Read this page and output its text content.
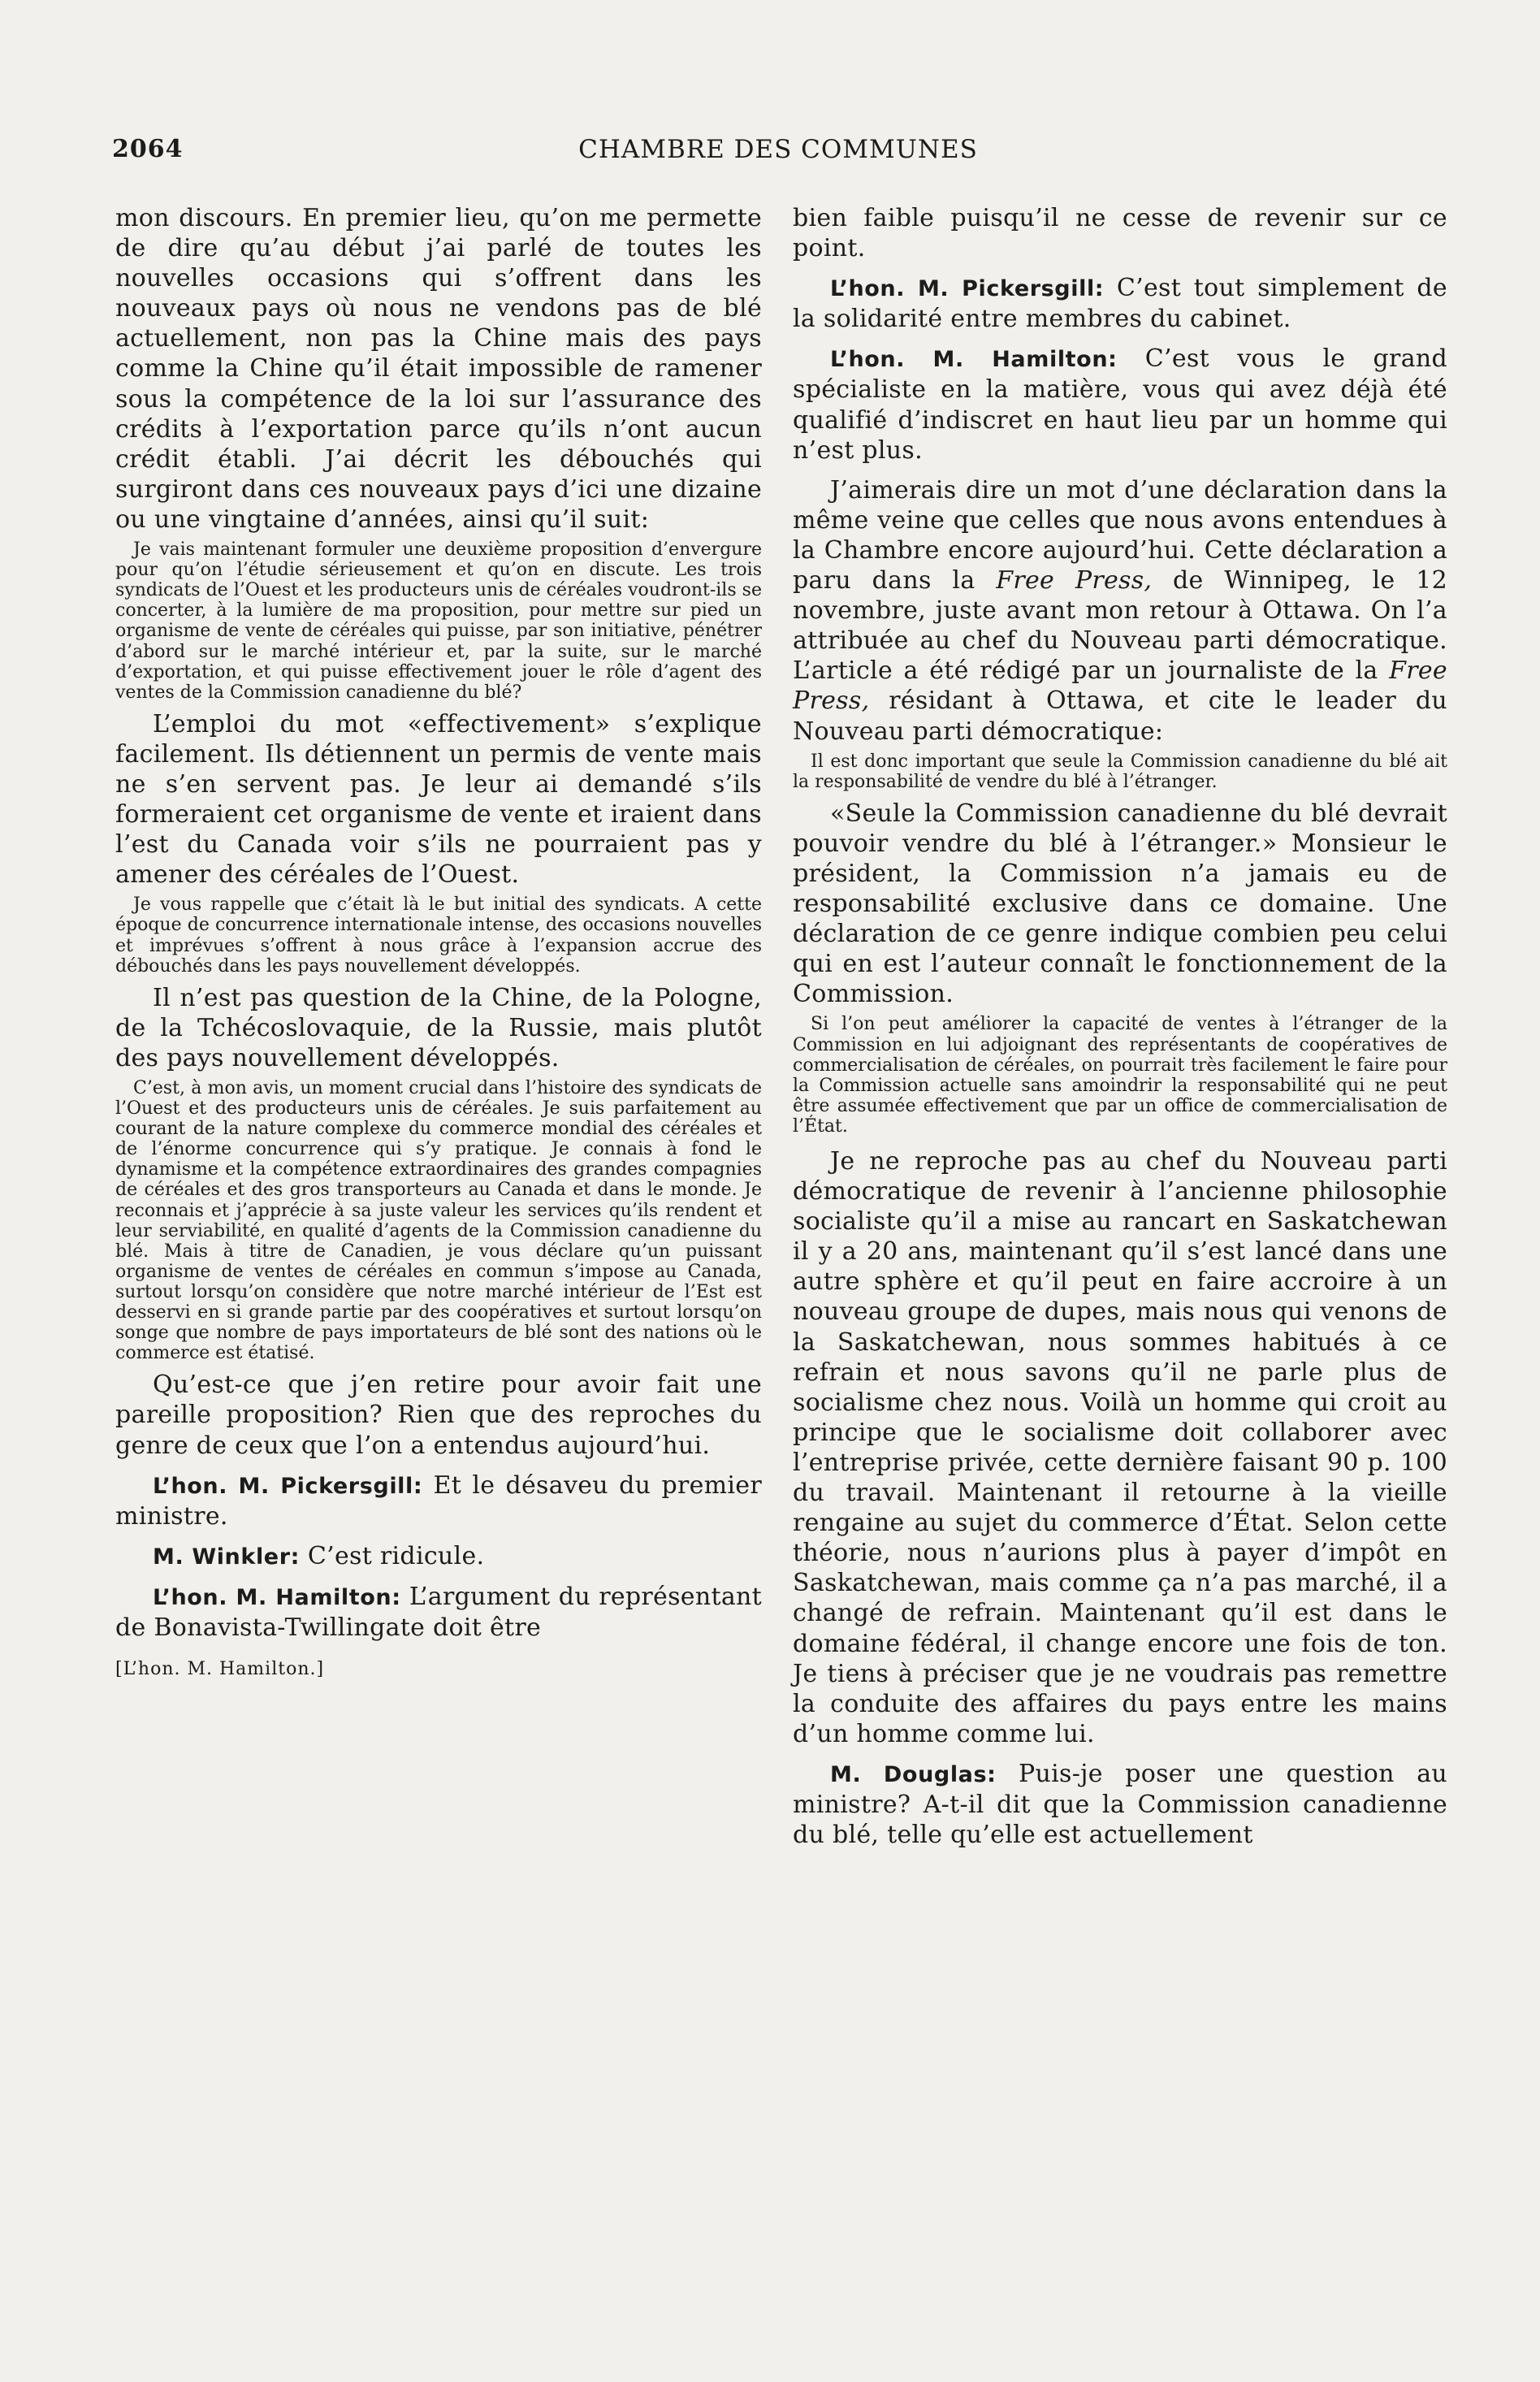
2064	CHAMBRE DES COMMUNES

mon discours. En premier lieu, qu’on me permette de dire qu’au début j’ai parlé de toutes les nouvelles occasions qui s’offrent dans les nouveaux pays où nous ne vendons pas de blé actuellement, non pas la Chine mais des pays comme la Chine qu’il était impossible de ramener sous la compétence de la loi sur l’assurance des crédits à l’exportation parce qu’ils n’ont aucun crédit établi. J’ai décrit les débouchés qui surgiront dans ces nouveaux pays d’ici une dizaine ou une vingtaine d’années, ainsi qu’il suit:

Je vais maintenant formuler une deuxième proposition d’envergure pour qu’on l’étudie sérieusement et qu’on en discute. Les trois syndicats de l’Ouest et les producteurs unis de céréales voudront-ils se concerter, à la lumière de ma proposition, pour mettre sur pied un organisme de vente de céréales qui puisse, par son initiative, pénétrer d’abord sur le marché intérieur et, par la suite, sur le marché d’exportation, et qui puisse effectivement jouer le rôle d’agent des ventes de la Commission canadienne du blé?

L’emploi du mot «effectivement» s’explique facilement. Ils détiennent un permis de vente mais ne s’en servent pas. Je leur ai demandé s’ils formeraient cet organisme de vente et iraient dans l’est du Canada voir s’ils ne pourraient pas y amener des céréales de l’Ouest.

Je vous rappelle que c’était là le but initial des syndicats. A cette époque de concurrence internationale intense, des occasions nouvelles et imprévues s’offrent à nous grâce à l’expansion accrue des débouchés dans les pays nouvellement développés.

Il n’est pas question de la Chine, de la Pologne, de la Tchécoslovaquie, de la Russie, mais plutôt des pays nouvellement développés.

C’est, à mon avis, un moment crucial dans l’histoire des syndicats de l’Ouest et des producteurs unis de céréales. Je suis parfaitement au courant de la nature complexe du commerce mondial des céréales et de l’énorme concurrence qui s’y pratique. Je connais à fond le dynamisme et la compétence extraordinaires des grandes compagnies de céréales et des gros transporteurs au Canada et dans le monde. Je reconnais et j’apprécie à sa juste valeur les services qu’ils rendent et leur serviabilité, en qualité d’agents de la Commission canadienne du blé. Mais à titre de Canadien, je vous déclare qu’un puissant organisme de ventes de céréales en commun s’impose au Canada, surtout lorsqu’on considère que notre marché intérieur de l’Est est desservi en si grande partie par des coopératives et surtout lorsqu’on songe que nombre de pays importateurs de blé sont des nations où le commerce est étatisé.

Qu’est-ce que j’en retire pour avoir fait une pareille proposition? Rien que des reproches du genre de ceux que l’on a entendus aujourd’hui.

L’hon. M. Pickersgill: Et le désaveu du premier ministre.

M. Winkler: C’est ridicule.

L’hon. M. Hamilton: L’argument du représentant de Bonavista-Twillingate doit être

[L’hon. M. Hamilton.]

bien faible puisqu’il ne cesse de revenir sur ce point.

L’hon. M. Pickersgill: C’est tout simplement de la solidarité entre membres du cabinet.

L’hon. M. Hamilton: C’est vous le grand spécialiste en la matière, vous qui avez déjà été qualifié d’indiscret en haut lieu par un homme qui n’est plus.

J’aimerais dire un mot d’une déclaration dans la même veine que celles que nous avons entendues à la Chambre encore aujourd’hui. Cette déclaration a paru dans la Free Press, de Winnipeg, le 12 novembre, juste avant mon retour à Ottawa. On l’a attribuée au chef du Nouveau parti démocratique. L’article a été rédigé par un journaliste de la Free Press, résidant à Ottawa, et cite le leader du Nouveau parti démocratique:

Il est donc important que seule la Commission canadienne du blé ait la responsabilité de vendre du blé à l’étranger.

«Seule la Commission canadienne du blé devrait pouvoir vendre du blé à l’étranger.» Monsieur le président, la Commission n’a jamais eu de responsabilité exclusive dans ce domaine. Une déclaration de ce genre indique combien peu celui qui en est l’auteur connaît le fonctionnement de la Commission.

Si l’on peut améliorer la capacité de ventes à l’étranger de la Commission en lui adjoignant des représentants de coopératives de commercialisation de céréales, on pourrait très facilement le faire pour la Commission actuelle sans amoindrir la responsabilité qui ne peut être assumée effectivement que par un office de commercialisation de l’État.

Je ne reproche pas au chef du Nouveau parti démocratique de revenir à l’ancienne philosophie socialiste qu’il a mise au rancart en Saskatchewan il y a 20 ans, maintenant qu’il s’est lancé dans une autre sphère et qu’il peut en faire accroire à un nouveau groupe de dupes, mais nous qui venons de la Saskatchewan, nous sommes habitués à ce refrain et nous savons qu’il ne parle plus de socialisme chez nous. Voilà un homme qui croit au principe que le socialisme doit collaborer avec l’entreprise privée, cette dernière faisant 90 p. 100 du travail. Maintenant il retourne à la vieille rengaine au sujet du commerce d’État. Selon cette théorie, nous n’aurions plus à payer d’impôt en Saskatchewan, mais comme ça n’a pas marché, il a changé de refrain. Maintenant qu’il est dans le domaine fédéral, il change encore une fois de ton. Je tiens à préciser que je ne voudrais pas remettre la conduite des affaires du pays entre les mains d’un homme comme lui.

M. Douglas: Puis-je poser une question au ministre? A-t-il dit que la Commission canadienne du blé, telle qu’elle est actuellement
